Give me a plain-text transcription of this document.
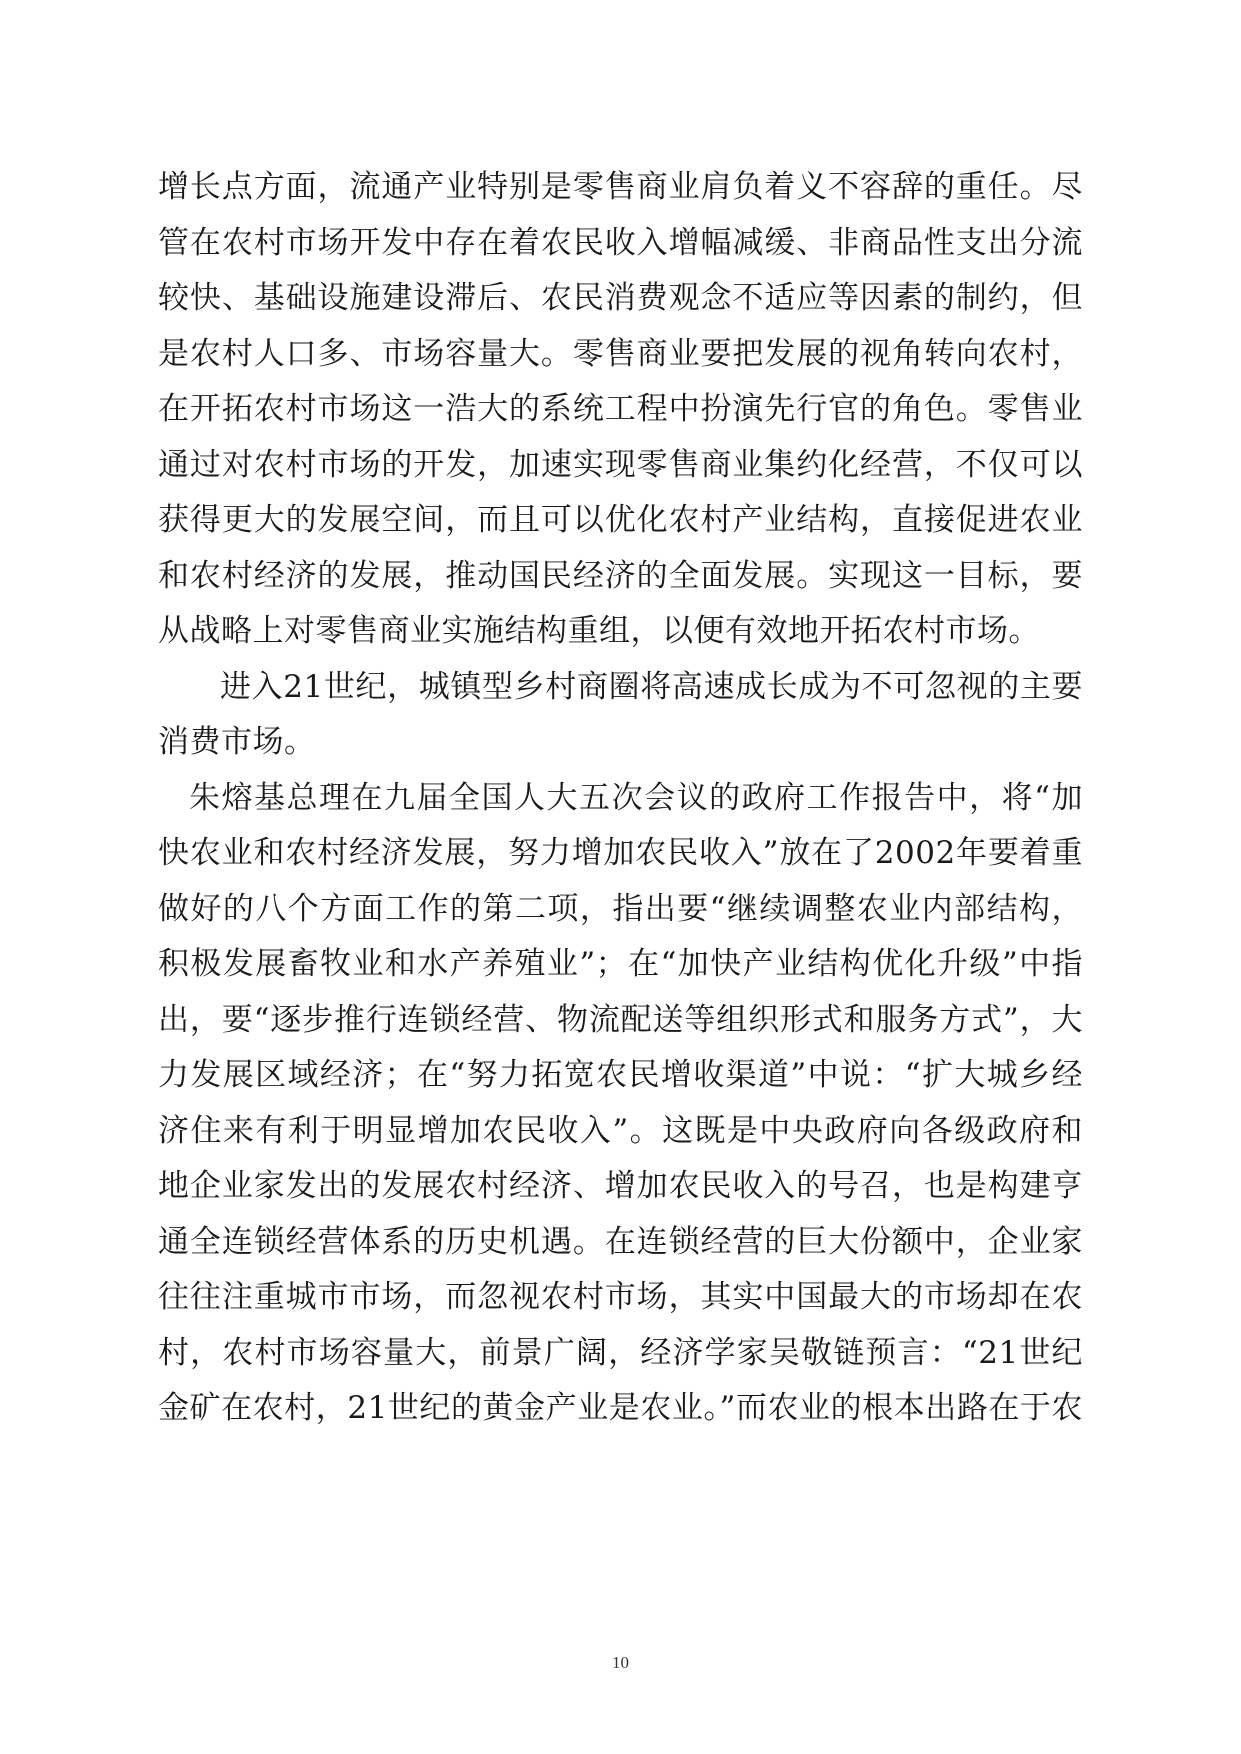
增长点方面，流通产业特别是零售商业肩负着义不容辞的重任。尽
管在农村市场开发中存在着农民收入增幅减缓、非商品性支出分流
较快、基础设施建设滞后、农民消费观念不适应等因素的制约，但
是农村人口多、市场容量大。零售商业要把发展的视角转向农村，
在开拓农村市场这一浩大的系统工程中扮演先行官的角色。零售业
通过对农村市场的开发，加速实现零售商业集约化经营，不仅可以
获得更大的发展空间，而且可以优化农村产业结构，直接促进农业
和农村经济的发展，推动国民经济的全面发展。实现这一目标，要
从战略上对零售商业实施结构重组，以便有效地开拓农村市场。
进入21世纪，城镇型乡村商圈将高速成长成为不可忽视的主要
消费市场。
朱熔基总理在九届全国人大五次会议的政府工作报告中，将“加
快农业和农村经济发展，努力增加农民收入”放在了2002年要着重
做好的八个方面工作的第二项，指出要“继续调整农业内部结构，
积极发展畜牧业和水产养殖业”；在“加快产业结构优化升级”中指
出，要“逐步推行连锁经营、物流配送等组织形式和服务方式”，大
力发展区域经济；在“努力拓宽农民增收渠道”中说：“扩大城乡经
济住来有利于明显增加农民收入”。这既是中央政府向各级政府和
地企业家发出的发展农村经济、增加农民收入的号召，也是构建亨
通全连锁经营体系的历史机遇。在连锁经营的巨大份额中，企业家
往往注重城市市场，而忽视农村市场，其实中国最大的市场却在农
村，农村市场容量大，前景广阔，经济学家吴敬链预言：“21世纪
金矿在农村，21世纪的黄金产业是农业。”而农业的根本出路在于农
10
